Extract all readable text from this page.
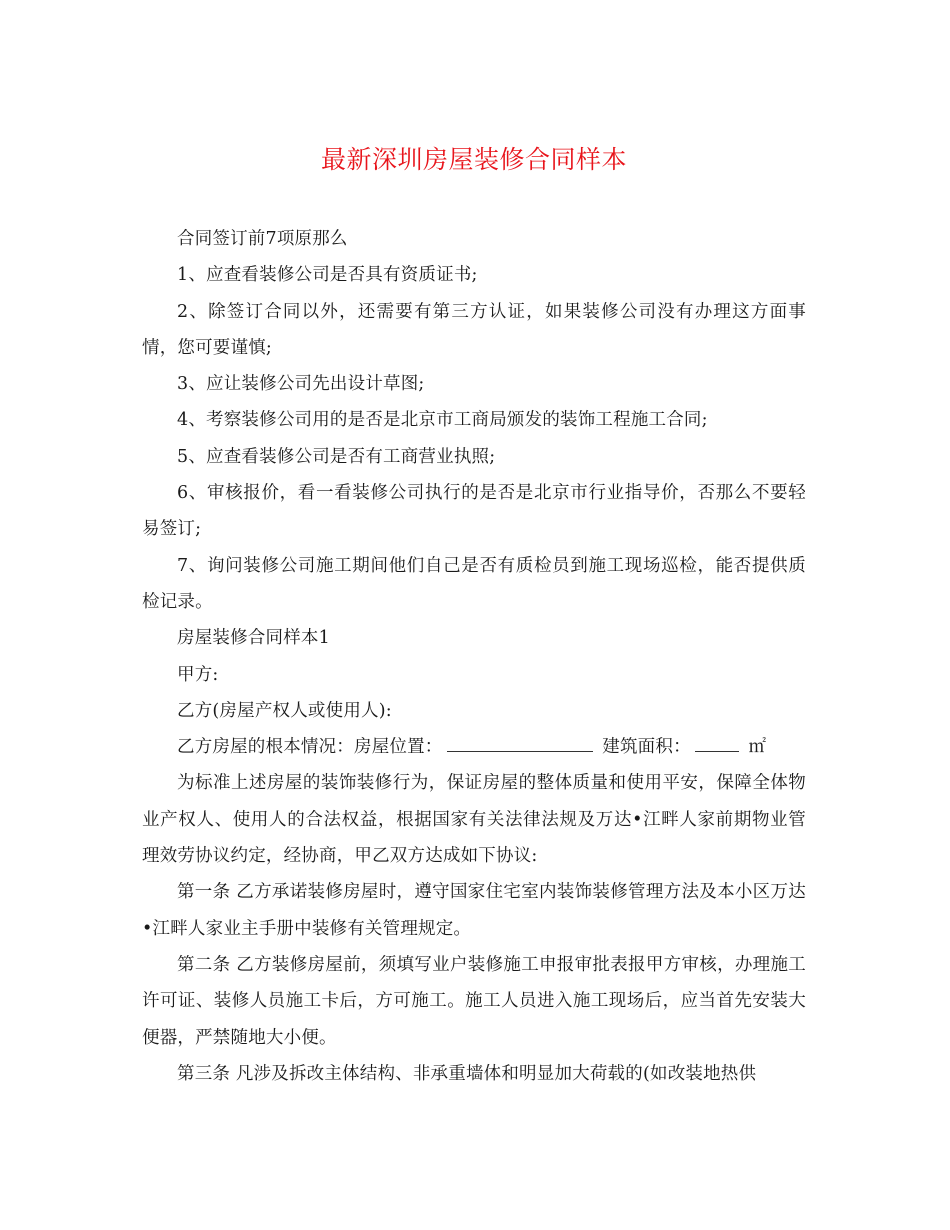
最新深圳房屋装修合同样本

合同签订前7项原那么

1、应查看装修公司是否具有资质证书;

2、除签订合同以外，还需要有第三方认证，如果装修公司没有办理这方面事情，您可要谨慎;

3、应让装修公司先出设计草图;

4、考察装修公司用的是否是北京市工商局颁发的装饰工程施工合同;

5、应查看装修公司是否有工商营业执照;

6、审核报价，看一看装修公司执行的是否是北京市行业指导价，否那么不要轻易签订;

7、询问装修公司施工期间他们自己是否有质检员到施工现场巡检，能否提供质检记录。

房屋装修合同样本1

甲方:

乙方(房屋产权人或使用人):

乙方房屋的根本情况：房屋位置：	建筑面积：	㎡

为标准上述房屋的装饰装修行为，保证房屋的整体质量和使用平安，保障全体物业产权人、使用人的合法权益，根据国家有关法律法规及万达•江畔人家前期物业管理效劳协议约定，经协商，甲乙双方达成如下协议:

第一条 乙方承诺装修房屋时，遵守国家住宅室内装饰装修管理方法及本小区万达•江畔人家业主手册中装修有关管理规定。

第二条 乙方装修房屋前，须填写业户装修施工申报审批表报甲方审核，办理施工许可证、装修人员施工卡后，方可施工。施工人员进入施工现场后，应当首先安装大便器，严禁随地大小便。

第三条 凡涉及拆改主体结构、非承重墙体和明显加大荷载的(如改装地热供
